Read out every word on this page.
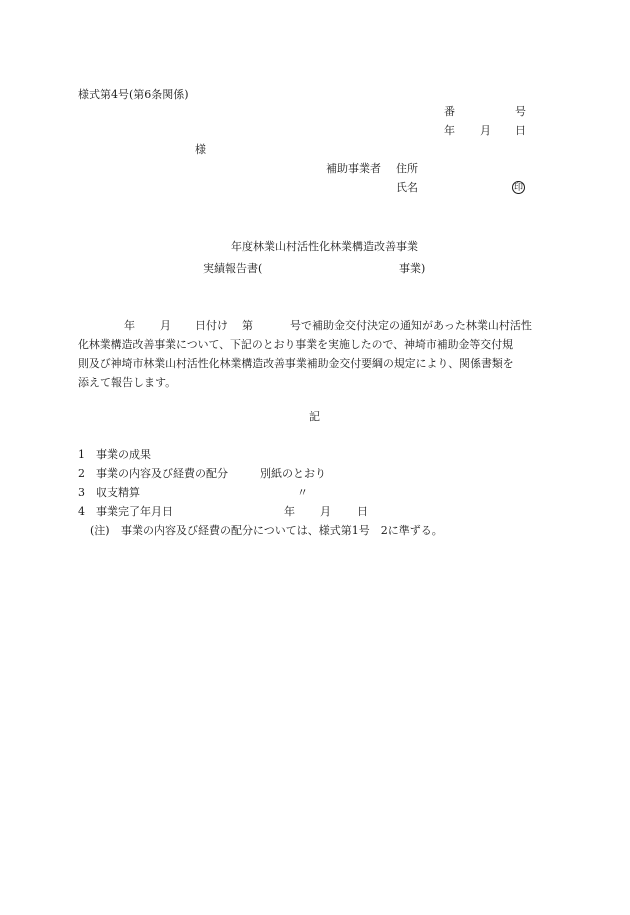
様式第4号(第6条関係)
番	号
年 月 日
様
補助事業者 住所
氏名	印
年度林業山村活性化林業構造改善事業
実績報告書(	事業)
年 月 日付け 第	号で補助金交付決定の通知があった林業山村活性
化林業構造改善事業について、下記のとおり事業を実施したので、神埼市補助金等交付規
則及び神埼市林業山村活性化林業構造改善事業補助金交付要綱の規定により、関係書類を
添えて報告します。
記
1 事業の成果
2 事業の内容及び経費の配分	別紙のとおり
3 収支精算	〃
4 事業完了年月日	年 月 日
(注) 事業の内容及び経費の配分については、様式第1号　2に準ずる。
